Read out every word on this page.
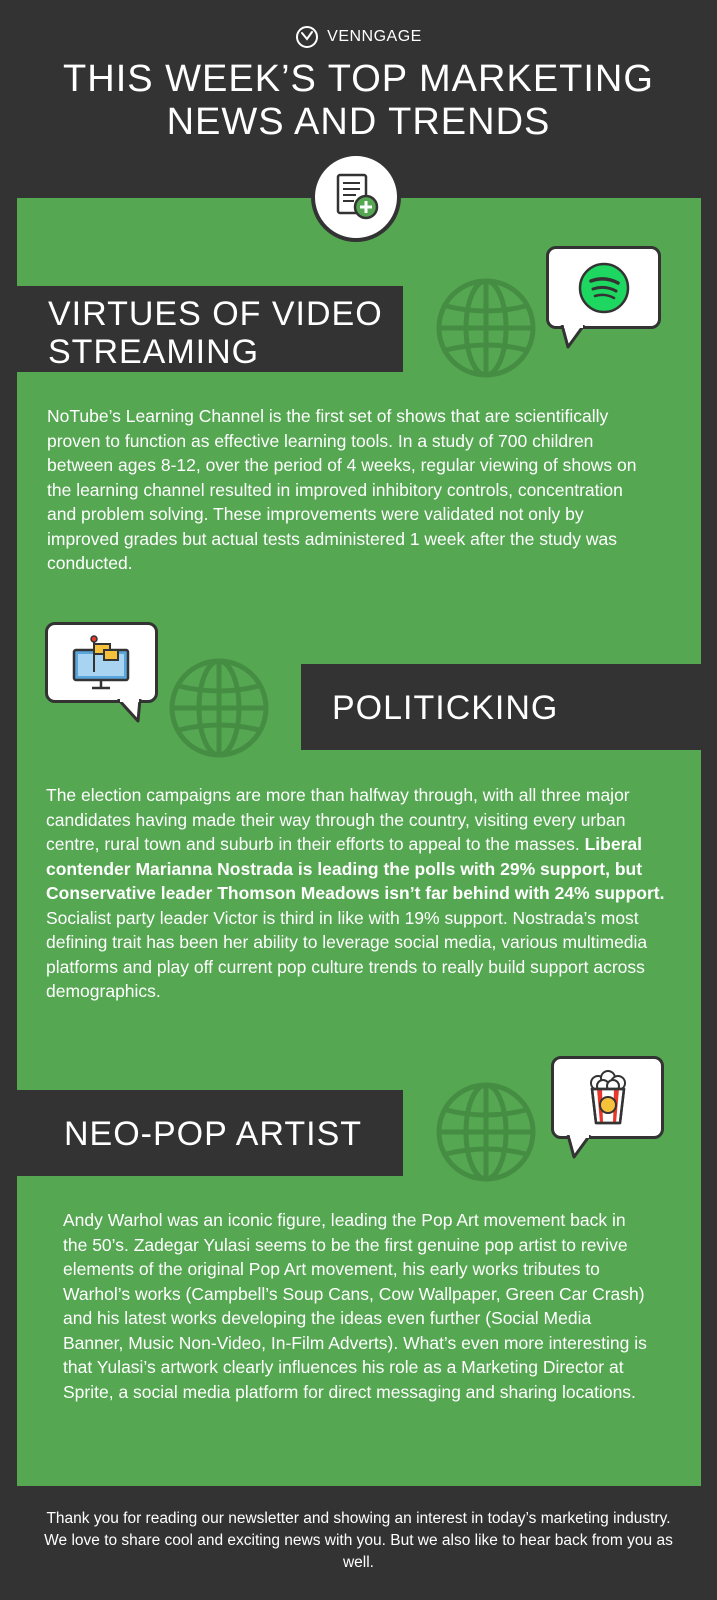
VENNGAGE
THIS WEEK’S TOP MARKETING NEWS AND TRENDS
VIRTUES OF VIDEO STREAMING

NoTube’s Learning Channel is the first set of shows that are scientifically proven to function as effective learning tools. In a study of 700 children between ages 8-12, over the period of 4 weeks, regular viewing of shows on the learning channel resulted in improved inhibitory controls, concentration and problem solving. These improvements were validated not only by improved grades but actual tests administered 1 week after the study was conducted.

POLITICKING

The election campaigns are more than halfway through, with all three major candidates having made their way through the country, visiting every urban centre, rural town and suburb in their efforts to appeal to the masses. Liberal contender Marianna Nostrada is leading the polls with 29% support, but Conservative leader Thomson Meadows isn’t far behind with 24% support. Socialist party leader Victor is third in like with 19% support. Nostrada’s most defining trait has been her ability to leverage social media, various multimedia platforms and play off current pop culture trends to really build support across demographics.

NEO-POP ARTIST

Andy Warhol was an iconic figure, leading the Pop Art movement back in the 50’s. Zadegar Yulasi seems to be the first genuine pop artist to revive elements of the original Pop Art movement, his early works tributes to Warhol’s works (Campbell’s Soup Cans, Cow Wallpaper, Green Car Crash) and his latest works developing the ideas even further (Social Media Banner, Music Non-Video, In-Film Adverts). What’s even more interesting is that Yulasi’s artwork clearly influences his role as a Marketing Director at Sprite, a social media platform for direct messaging and sharing locations.

Thank you for reading our newsletter and showing an interest in today’s marketing industry. We love to share cool and exciting news with you. But we also like to hear back from you as well.
